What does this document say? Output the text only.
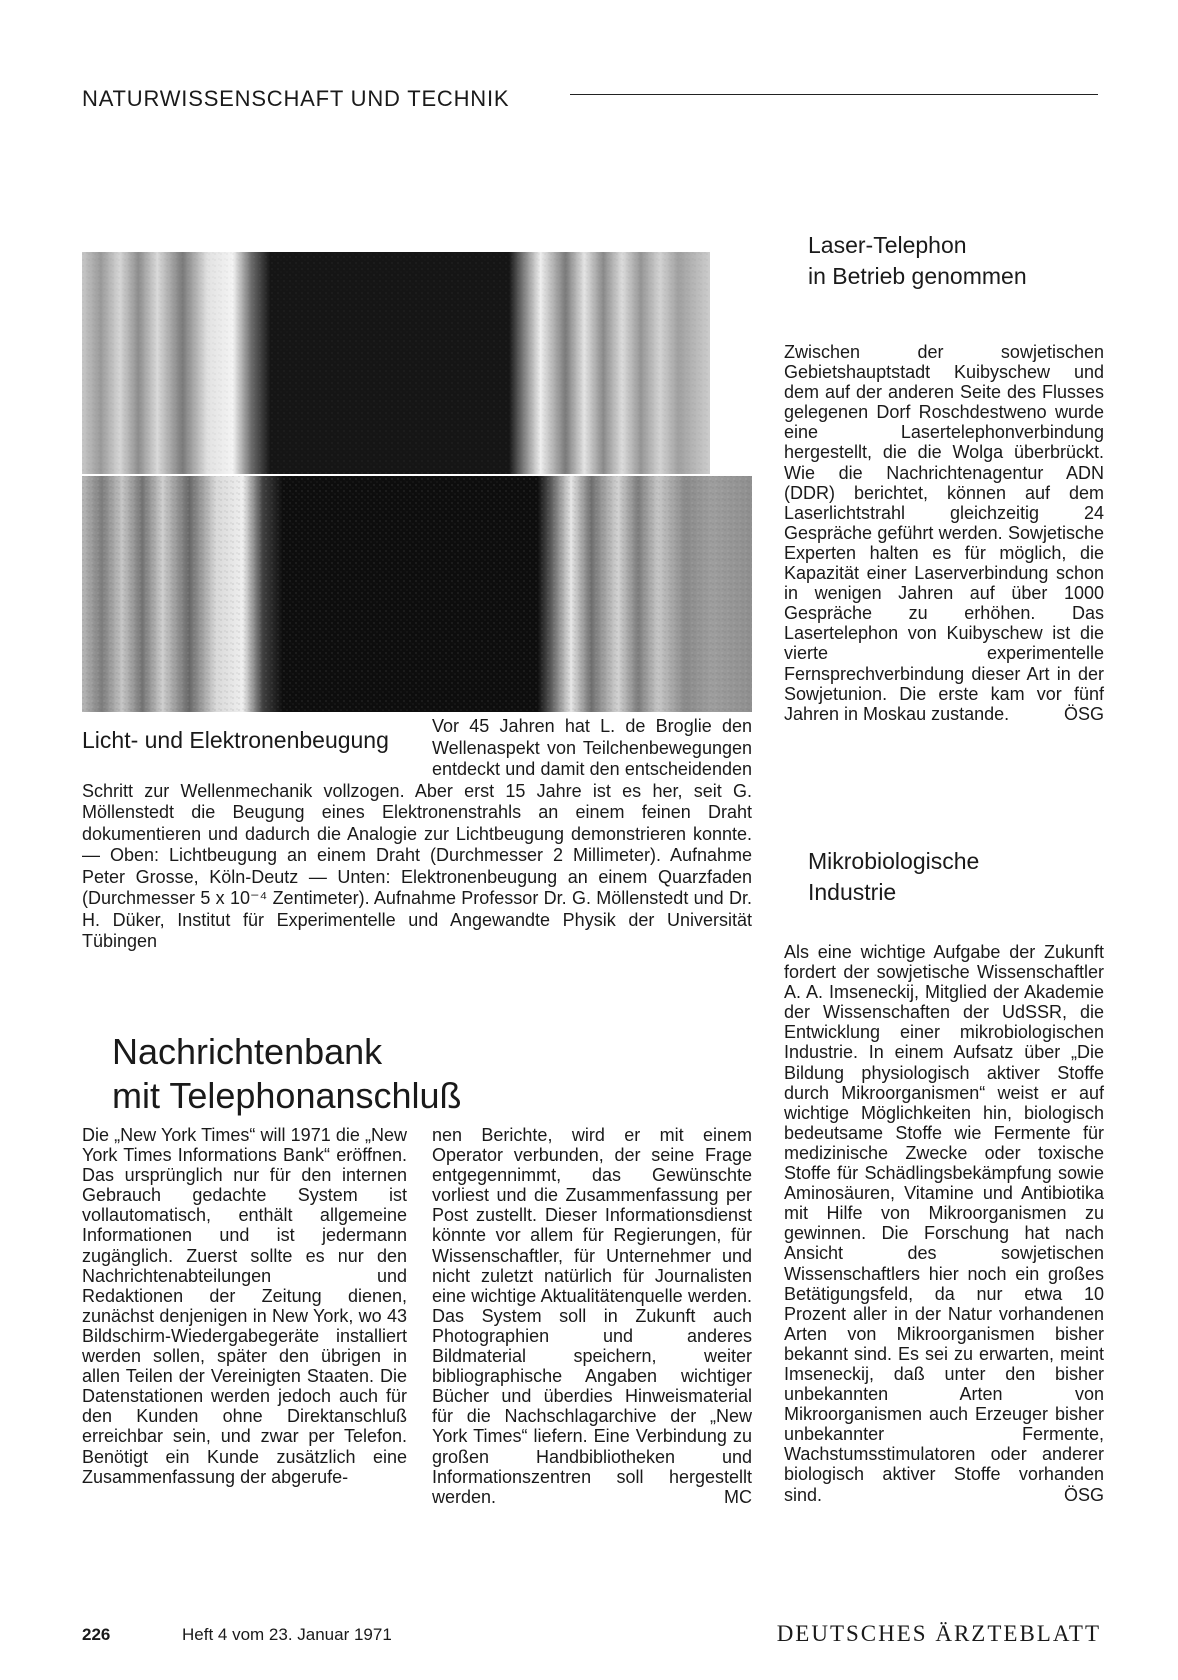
NATURWISSENSCHAFT UND TECHNIK
Licht- und Elektronenbeugung
Vor 45 Jahren hat L. de Broglie den Wellenaspekt von Teilchenbewegungen entdeckt und damit den entscheidenden Schritt zur Wellenmechanik vollzogen. Aber erst 15 Jahre ist es her, seit G. Möllenstedt die Beugung eines Elektronenstrahls an einem feinen Draht dokumentieren und dadurch die Analogie zur Lichtbeugung demonstrieren konnte. — Oben: Lichtbeugung an einem Draht (Durchmesser 2 Millimeter). Aufnahme Peter Grosse, Köln-Deutz — Unten: Elektronenbeugung an einem Quarzfaden (Durchmesser 5 x 10⁻⁴ Zentimeter). Aufnahme Professor Dr. G. Möllenstedt und Dr. H. Düker, Institut für Experimentelle und Angewandte Physik der Universität Tübingen
Nachrichtenbank
mit Telephonanschluß

Die „New York Times“ will 1971 die „New York Times Informations Bank“ eröffnen. Das ursprünglich nur für den internen Gebrauch gedachte System ist vollautomatisch, enthält allgemeine Informationen und ist jedermann zugänglich. Zuerst sollte es nur den Nachrichtenabteilungen und Redaktionen der Zeitung dienen, zunächst denjenigen in New York, wo 43 Bildschirm-Wiedergabegeräte installiert werden sollen, später den übrigen in allen Teilen der Vereinigten Staaten. Die Datenstationen werden jedoch auch für den Kunden ohne Direktanschluß erreichbar sein, und zwar per Telefon. Benötigt ein Kunde zusätzlich eine Zusammenfassung der abgerufe-

nen Berichte, wird er mit einem Operator verbunden, der seine Frage entgegennimmt, das Gewünschte vorliest und die Zusammenfassung per Post zustellt. Dieser Informationsdienst könnte vor allem für Regierungen, für Wissenschaftler, für Unternehmer und nicht zuletzt natürlich für Journalisten eine wichtige Aktualitätenquelle werden. Das System soll in Zukunft auch Photographien und anderes Bildmaterial speichern, weiter bibliographische Angaben wichtiger Bücher und überdies Hinweismaterial für die Nachschlagarchive der „New York Times“ liefern. Eine Verbindung zu großen Handbibliotheken und Informationszentren soll hergestellt werden.	MC

Laser-Telephon
in Betrieb genommen

Zwischen der sowjetischen Gebietshauptstadt Kuibyschew und dem auf der anderen Seite des Flusses gelegenen Dorf Roschdestweno wurde eine Lasertelephonverbindung hergestellt, die die Wolga überbrückt. Wie die Nachrichtenagentur ADN (DDR) berichtet, können auf dem Laserlichtstrahl gleichzeitig 24 Gespräche geführt werden. Sowjetische Experten halten es für möglich, die Kapazität einer Laserverbindung schon in wenigen Jahren auf über 1000 Gespräche zu erhöhen. Das Lasertelephon von Kuibyschew ist die vierte experimentelle Fernsprechverbindung dieser Art in der Sowjetunion. Die erste kam vor fünf Jahren in Moskau zustande.	ÖSG

Mikrobiologische
Industrie

Als eine wichtige Aufgabe der Zukunft fordert der sowjetische Wissenschaftler A. A. Imseneckij, Mitglied der Akademie der Wissenschaften der UdSSR, die Entwicklung einer mikrobiologischen Industrie. In einem Aufsatz über „Die Bildung physiologisch aktiver Stoffe durch Mikroorganismen“ weist er auf wichtige Möglichkeiten hin, biologisch bedeutsame Stoffe wie Fermente für medizinische Zwecke oder toxische Stoffe für Schädlingsbekämpfung sowie Aminosäuren, Vitamine und Antibiotika mit Hilfe von Mikroorganismen zu gewinnen. Die Forschung hat nach Ansicht des sowjetischen Wissenschaftlers hier noch ein großes Betätigungsfeld, da nur etwa 10 Prozent aller in der Natur vorhandenen Arten von Mikroorganismen bisher bekannt sind. Es sei zu erwarten, meint Imseneckij, daß unter den bisher unbekannten Arten von Mikroorganismen auch Erzeuger bisher unbekannter Fermente, Wachstumsstimulatoren oder anderer biologisch aktiver Stoffe vorhanden sind.	ÖSG

226	Heft 4 vom 23. Januar 1971	DEUTSCHES ÄRZTEBLATT
